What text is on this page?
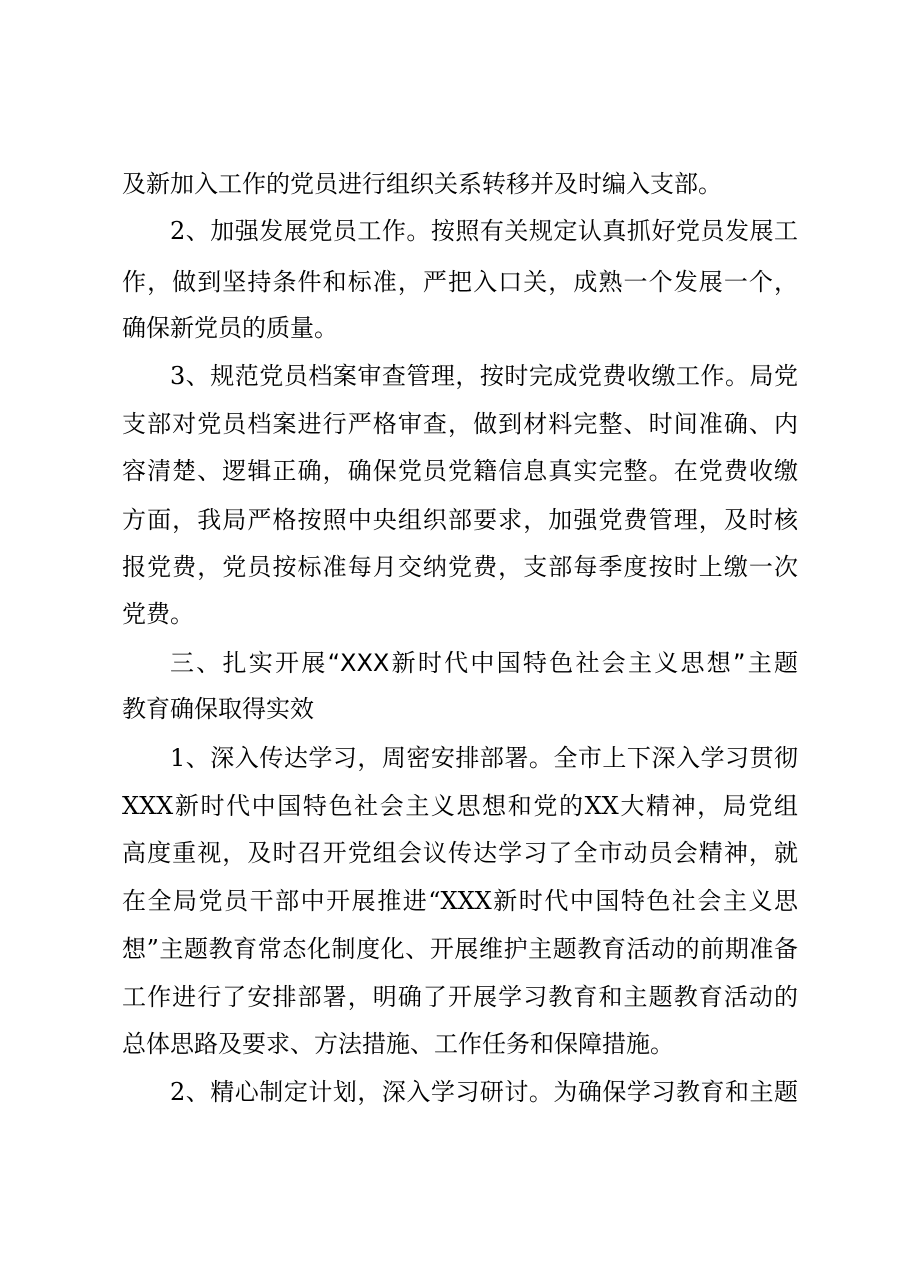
及新加入工作的党员进行组织关系转移并及时编入支部。
2、加强发展党员工作。按照有关规定认真抓好党员发展工
作，做到坚持条件和标准，严把入口关，成熟一个发展一个，
确保新党员的质量。
3、规范党员档案审查管理，按时完成党费收缴工作。局党
支部对党员档案进行严格审查，做到材料完整、时间准确、内
容清楚、逻辑正确，确保党员党籍信息真实完整。在党费收缴
方面，我局严格按照中央组织部要求，加强党费管理，及时核
报党费，党员按标准每月交纳党费，支部每季度按时上缴一次
党费。
三、扎实开展“XXX新时代中国特色社会主义思想”主题
教育确保取得实效
1、深入传达学习，周密安排部署。全市上下深入学习贯彻
XXX新时代中国特色社会主义思想和党的XX大精神，局党组
高度重视，及时召开党组会议传达学习了全市动员会精神，就
在全局党员干部中开展推进“XXX新时代中国特色社会主义思
想”主题教育常态化制度化、开展维护主题教育活动的前期准备
工作进行了安排部署，明确了开展学习教育和主题教育活动的
总体思路及要求、方法措施、工作任务和保障措施。
2、精心制定计划，深入学习研讨。为确保学习教育和主题
